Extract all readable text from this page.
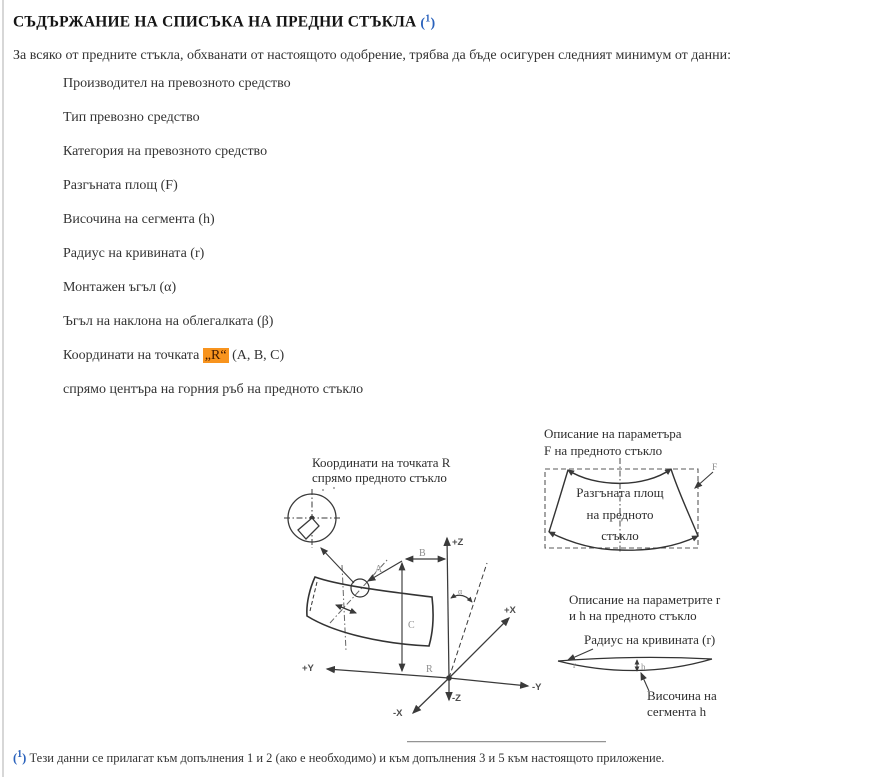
СЪДЪРЖАНИЕ НА СПИСЪКА НА ПРЕДНИ СТЪКЛА ($^1$)
За всяко от предните стъкла, обхванати от настоящото одобрение, трябва да бъде осигурен следният минимум от данни:
Производител на превозното средство
Тип превозно средство
Категория на превозното средство
Разгъната площ (F)
Височина на сегмента (h)
Радиус на кривината (r)
Монтажен ъгъл (α)
Ъгъл на наклона на облегалката (β)
Координати на точката „R“ (A, B, C)
спрямо центъра на горния ръб на предното стъкло
+Z
-Z
+Y
-Y
+X
-X
A
B
C
R
α
F
r	h
Координати на точката R
спрямо предното стъкло
Описание на параметъра
F на предното стъкло
Разгъната площ
на предното
стъкло
Описание на параметрите r
и h на предното стъкло
Радиус на кривината (r)
Височина на
сегмента h
($^1$) Тези данни се прилагат към допълнения 1 и 2 (ако е необходимо) и към допълнения 3 и 5 към настоящото приложение.
